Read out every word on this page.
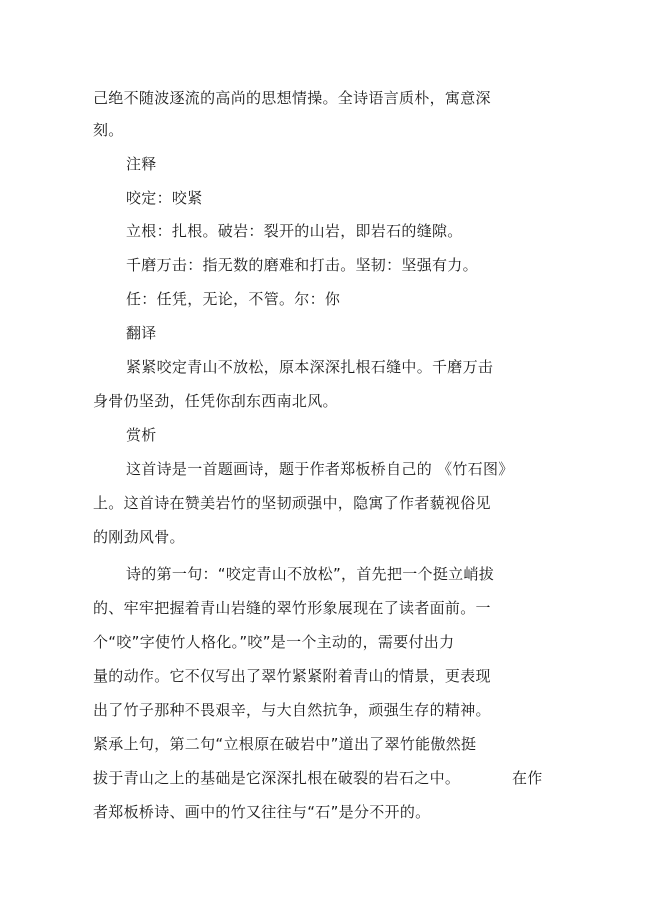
己绝不随波逐流的高尚的思想情操。全诗语言质朴，寓意深
刻。
注释
咬定：咬紧
立根：扎根。破岩：裂开的山岩，即岩石的缝隙。
千磨万击：指无数的磨难和打击。坚韧：坚强有力。
任：任凭，无论，不管。尔：你
翻译
紧紧咬定青山不放松，原本深深扎根石缝中。千磨万击
身骨仍坚劲，任凭你刮东西南北风。
赏析
这首诗是一首题画诗，题于作者郑板桥自己的 《竹石图》
上。这首诗在赞美岩竹的坚韧顽强中，隐寓了作者藐视俗见
的刚劲风骨。
诗的第一句：“咬定青山不放松”，首先把一个挺立峭拔
的、牢牢把握着青山岩缝的翠竹形象展现在了读者面前。一
个“咬”字使竹人格化。”咬”是一个主动的，需要付出力
量的动作。它不仅写出了翠竹紧紧附着青山的情景，更表现
出了竹子那种不畏艰辛，与大自然抗争，顽强生存的精神。
紧承上句，第二句“立根原在破岩中”道出了翠竹能傲然挺
拔于青山之上的基础是它深深扎根在破裂的岩石之中。	在作
者郑板桥诗、画中的竹又往往与“石”是分不开的。
